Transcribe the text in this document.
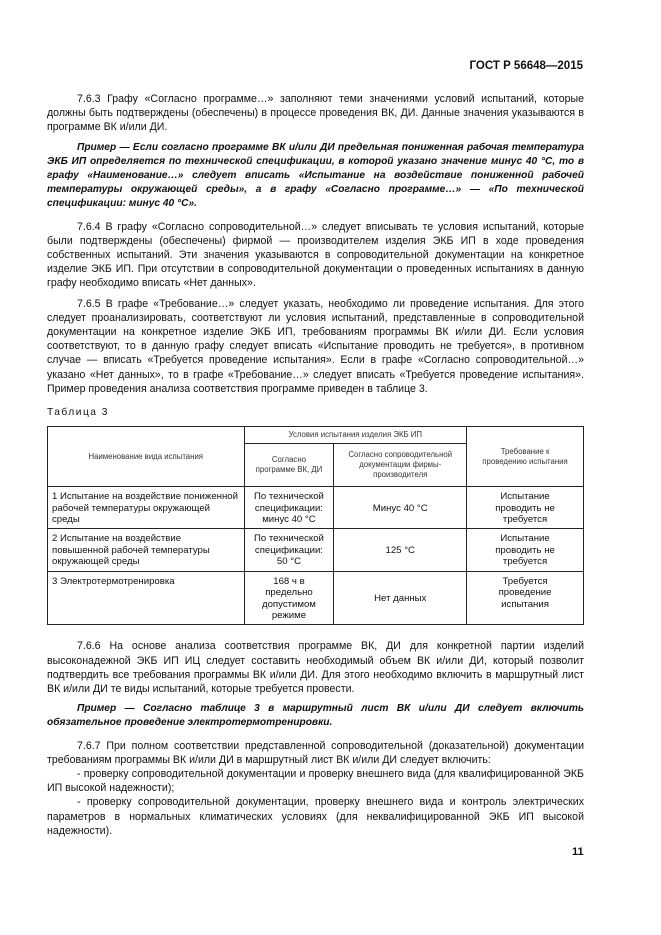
ГОСТ Р 56648—2015

7.6.3 Графу «Согласно программе…» заполняют теми значениями условий испытаний, которые должны быть подтверждены (обеспечены) в процессе проведения ВК, ДИ. Данные значения указываются в программе ВК и/или ДИ.

Пример — Если согласно программе ВК и/или ДИ предельная пониженная рабочая температура ЭКБ ИП определяется по технической спецификации, в которой указано значение минус 40 °С, то в графу «Наименование…» следует вписать «Испытание на воздействие пониженной рабочей температуры окружающей среды», а в графу «Согласно программе…» — «По технической спецификации: минус 40 °С».

7.6.4 В графу «Согласно сопроводительной…» следует вписывать те условия испытаний, которые были подтверждены (обеспечены) фирмой — производителем изделия ЭКБ ИП в ходе проведения собственных испытаний. Эти значения указываются в сопроводительной документации на конкретное изделие ЭКБ ИП. При отсутствии в сопроводительной документации о проведенных испытаниях в данную графу необходимо вписать «Нет данных».

7.6.5 В графе «Требование…» следует указать, необходимо ли проведение испытания. Для этого следует проанализировать, соответствуют ли условия испытаний, представленные в сопроводительной документации на конкретное изделие ЭКБ ИП, требованиям программы ВК и/или ДИ. Если условия соответствуют, то в данную графу следует вписать «Испытание проводить не требуется», в противном случае — вписать «Требуется проведение испытания». Если в графе «Согласно сопроводительной…» указано «Нет данных», то в графе «Требование…» следует вписать «Требуется проведение испытания». Пример проведения анализа соответствия программе приведен в таблице 3.

Таблица 3
Наименование вида испытания	Условия испытания изделия ЭКБ ИП		Требование к проведению испытания
	Согласно программе ВК, ДИ	Согласно сопроводительной документации фирмы-производителя	
1 Испытание на воздействие пониженной рабочей температуры окружающей среды	По технической спецификации: минус 40 °С	Минус 40 °С	Испытание проводить не требуется
2 Испытание на воздействие повышенной рабочей температуры окружающей среды	По технической спецификации: 50 °С	125 °С	Испытание проводить не требуется
3 Электротермотренировка	168 ч в предельно допустимом режиме	Нет данных	Требуется проведение испытания

7.6.6 На основе анализа соответствия программе ВК, ДИ для конкретной партии изделий высоконадежной ЭКБ ИП ИЦ следует составить необходимый объем ВК и/или ДИ, который позволит подтвердить все требования программы ВК и/или ДИ. Для этого необходимо включить в маршрутный лист ВК и/или ДИ те виды испытаний, которые требуется провести.

Пример — Согласно таблице 3 в маршрутный лист ВК и/или ДИ следует включить обязательное проведение электротермотренировки.

7.6.7 При полном соответствии представленной сопроводительной (доказательной) документации требованиям программы ВК и/или ДИ в маршрутный лист ВК и/или ДИ следует включить:

- проверку сопроводительной документации и проверку внешнего вида (для квалифицированной ЭКБ ИП высокой надежности);

- проверку сопроводительной документации, проверку внешнего вида и контроль электрических параметров в нормальных климатических условиях (для неквалифицированной ЭКБ ИП высокой надежности).

11
